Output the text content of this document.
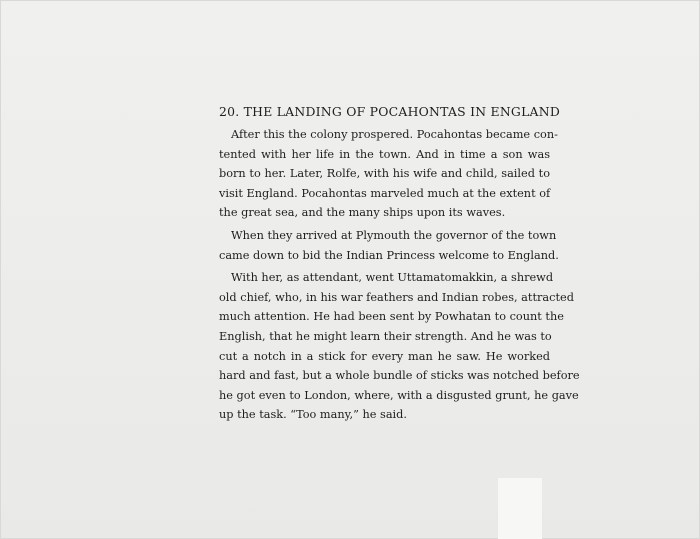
20. THE LANDING OF POCAHONTAS IN ENGLAND

After this the colony prospered. Pocahontas became con-
tented with her life in the town. And in time a son was
born to her. Later, Rolfe, with his wife and child, sailed to
visit England. Pocahontas marveled much at the extent of
the great sea, and the many ships upon its waves.

When they arrived at Plymouth the governor of the town
came down to bid the Indian Princess welcome to England.

With her, as attendant, went Uttamatomakkin, a shrewd
old chief, who, in his war feathers and Indian robes, attracted
much attention. He had been sent by Powhatan to count the
English, that he might learn their strength. And he was to
cut a notch in a stick for every man he saw. He worked
hard and fast, but a whole bundle of sticks was notched before
he got even to London, where, with a disgusted grunt, he gave
up the task. “Too many,” he said.
